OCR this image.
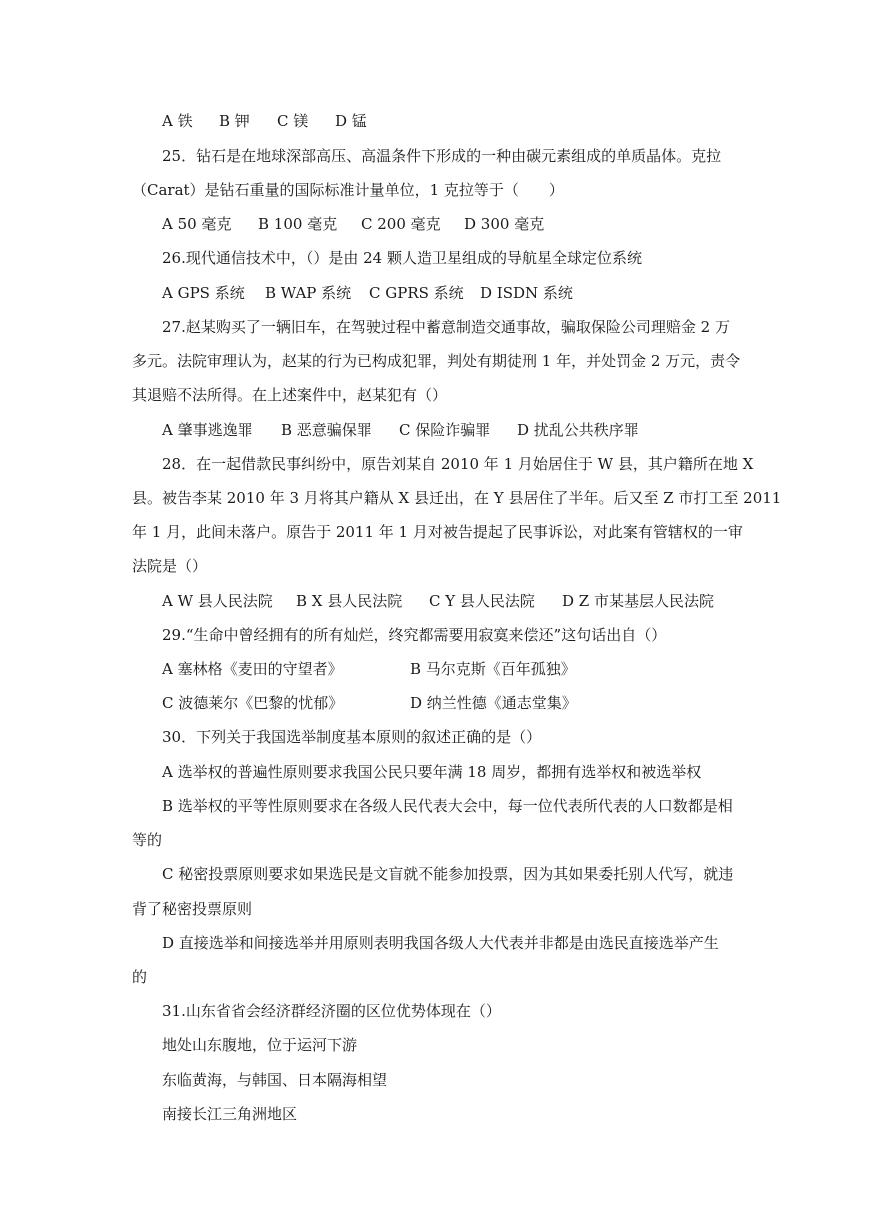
A 铁 B 钾 C 镁 D 锰
25．钻石是在地球深部高压、高温条件下形成的一种由碳元素组成的单质晶体。克拉
（Carat）是钻石重量的国际标准计量单位，1 克拉等于（　　）
A 50 毫克 B 100 毫克 C 200 毫克 D 300 毫克
26.现代通信技术中，（）是由 24 颗人造卫星组成的导航星全球定位系统
A GPS 系统 B WAP 系统 C GPRS 系统 D ISDN 系统
27.赵某购买了一辆旧车，在驾驶过程中蓄意制造交通事故，骗取保险公司理赔金 2 万
多元。法院审理认为，赵某的行为已构成犯罪，判处有期徒刑 1 年，并处罚金 2 万元，责令
其退赔不法所得。在上述案件中，赵某犯有（）
A 肇事逃逸罪 B 恶意骗保罪 C 保险诈骗罪 D 扰乱公共秩序罪
28．在一起借款民事纠纷中，原告刘某自 2010 年 1 月始居住于 W 县，其户籍所在地 X
县。被告李某 2010 年 3 月将其户籍从 X 县迁出，在 Y 县居住了半年。后又至 Z 市打工至 2011
年 1 月，此间未落户。原告于 2011 年 1 月对被告提起了民事诉讼，对此案有管辖权的一审
法院是（）
A W 县人民法院 B X 县人民法院 C Y 县人民法院 D Z 市某基层人民法院
29.“生命中曾经拥有的所有灿烂，终究都需要用寂寞来偿还”这句话出自（）
A 塞林格《麦田的守望者》	B 马尔克斯《百年孤独》
C 波德莱尔《巴黎的忧郁》	D 纳兰性德《通志堂集》
30．下列关于我国选举制度基本原则的叙述正确的是（）
A 选举权的普遍性原则要求我国公民只要年满 18 周岁，都拥有选举权和被选举权
B 选举权的平等性原则要求在各级人民代表大会中，每一位代表所代表的人口数都是相
等的
C 秘密投票原则要求如果选民是文盲就不能参加投票，因为其如果委托别人代写，就违
背了秘密投票原则
D 直接选举和间接选举并用原则表明我国各级人大代表并非都是由选民直接选举产生
的
31.山东省省会经济群经济圈的区位优势体现在（）
地处山东腹地，位于运河下游
东临黄海，与韩国、日本隔海相望
南接长江三角洲地区
